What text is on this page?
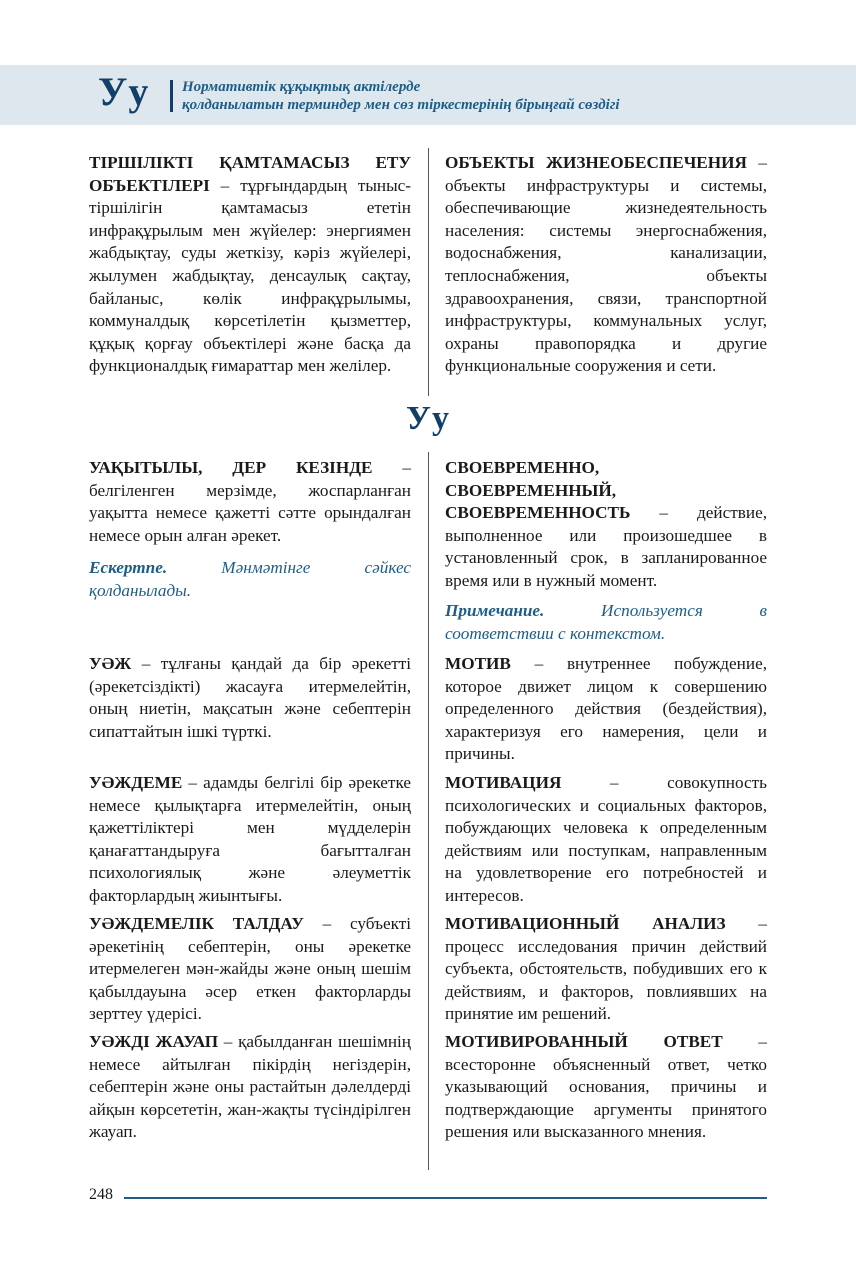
Уу Нормативтік құқықтық актілерде
қолданылатын терминдер мен сөз тіркестерінің бірыңғай сөздігі
ТІРШІЛІКТІ ҚАМТАМАСЫЗ ЕТУ ОБЪЕКТІЛЕРІ – тұрғындардың тыныс-тіршілігін қамтамасыз ететін инфрақұрылым мен жүйелер: энергиямен жабдықтау, суды жеткізу, кәріз жүйелері, жылумен жабдықтау, денсаулық сақтау, байланыс, көлік инфрақұрылымы, коммуналдық көрсетілетін қызметтер, құқық қорғау объектілері және басқа да функционалдық ғимараттар мен желілер.
ОБЪЕКТЫ ЖИЗНЕОБЕСПЕЧЕНИЯ – объекты инфраструктуры и системы, обеспечивающие жизнедеятельность населения: системы энергоснабжения, водоснабжения, канализации, теплоснабжения, объекты здравоохранения, связи, транспортной инфраструктуры, коммунальных услуг, охраны правопорядка и другие функциональные сооружения и сети.
Уу
УАҚЫТЫЛЫ, ДЕР КЕЗІНДЕ – белгіленген мерзімде, жоспарланған уақытта немесе қажетті сәтте орындалған немесе орын алған әрекет.
Ескертпе. Мәнмәтінге сәйкес қолданылады.
СВОЕВРЕМЕННО, СВОЕВРЕМЕННЫЙ, СВОЕВРЕМЕННОСТЬ – действие, выполненное или произошедшее в установленный срок, в запланированное время или в нужный момент.
Примечание. Используется в соответствии с контекстом.
УӘЖ – тұлғаны қандай да бір әрекетті (әрекетсіздікті) жасауға итермелейтін, оның ниетін, мақсатын және себептерін сипаттайтын ішкі түрткі.
МОТИВ – внутреннее побуждение, которое движет лицом к совершению определенного действия (бездействия), характеризуя его намерения, цели и причины.
УӘЖДЕМЕ – адамды белгілі бір әрекетке немесе қылықтарға итермелейтін, оның қажеттіліктері мен мүдделерін қанағаттандыруға бағытталған психологиялық және әлеуметтік факторлардың жиынтығы.
МОТИВАЦИЯ – совокупность психологических и социальных факторов, побуждающих человека к определенным действиям или поступкам, направленным на удовлетворение его потребностей и интересов.
УӘЖДЕМЕЛІК ТАЛДАУ – субъекті әрекетінің себептерін, оны әрекетке итермелеген мән-жайды және оның шешім қабылдауына әсер еткен факторларды зерттеу үдерісі.
МОТИВАЦИОННЫЙ АНАЛИЗ – процесс исследования причин действий субъекта, обстоятельств, побудивших его к действиям, и факторов, повлиявших на принятие им решений.
УӘЖДІ ЖАУАП – қабылданған шешімнің немесе айтылған пікірдің негіздерін, себептерін және оны растайтын дәлелдерді айқын көрсететін, жан-жақты түсіндірілген жауап.
МОТИВИРОВАННЫЙ ОТВЕТ – всесторонне объясненный ответ, четко указывающий основания, причины и подтверждающие аргументы принятого решения или высказанного мнения.
248
